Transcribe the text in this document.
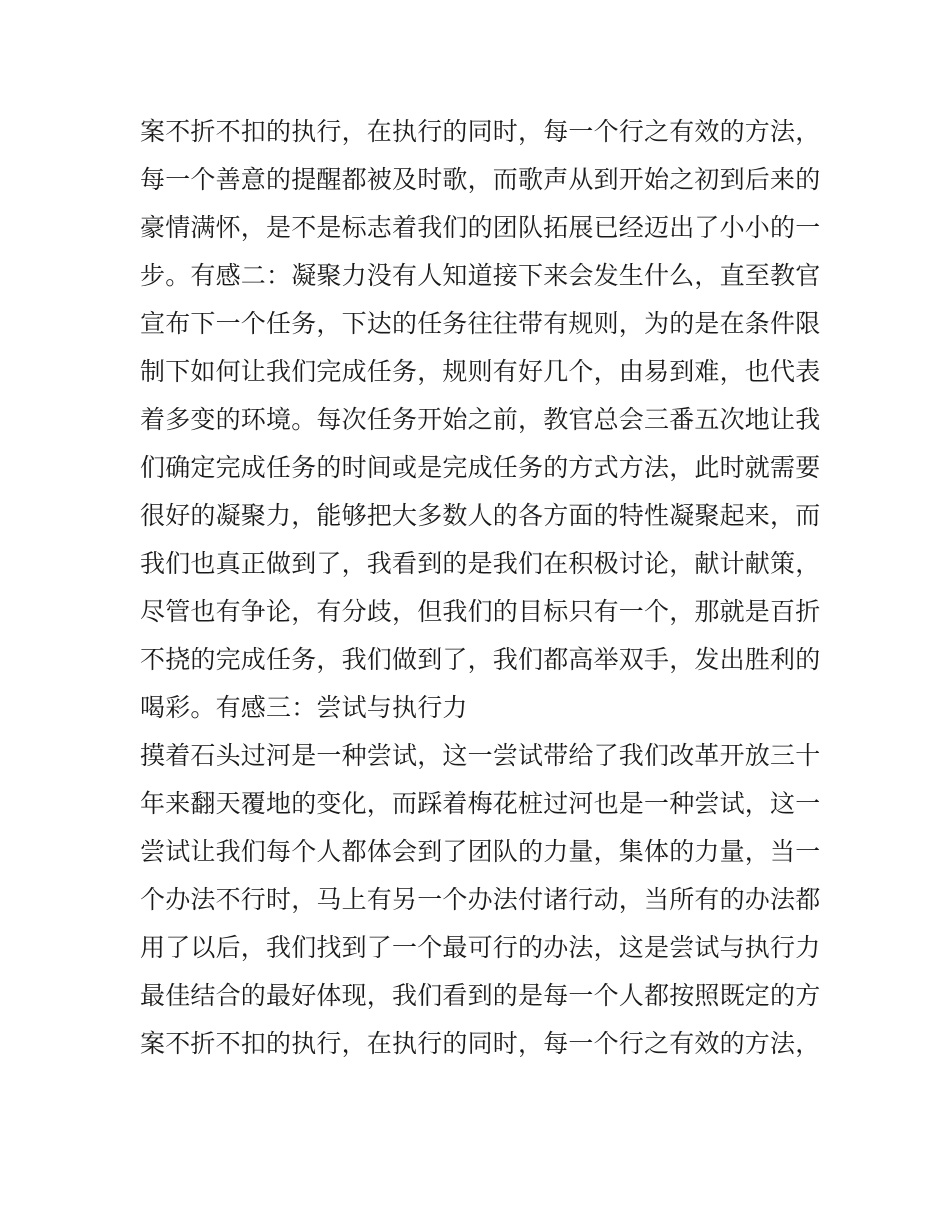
案不折不扣的执行，在执行的同时，每一个行之有效的方法，
每一个善意的提醒都被及时歌，而歌声从到开始之初到后来的
豪情满怀，是不是标志着我们的团队拓展已经迈出了小小的一
步。有感二：凝聚力没有人知道接下来会发生什么，直至教官
宣布下一个任务，下达的任务往往带有规则，为的是在条件限
制下如何让我们完成任务，规则有好几个，由易到难，也代表
着多变的环境。每次任务开始之前，教官总会三番五次地让我
们确定完成任务的时间或是完成任务的方式方法，此时就需要
很好的凝聚力，能够把大多数人的各方面的特性凝聚起来，而
我们也真正做到了，我看到的是我们在积极讨论，献计献策，
尽管也有争论，有分歧，但我们的目标只有一个，那就是百折
不挠的完成任务，我们做到了，我们都高举双手，发出胜利的
喝彩。有感三：尝试与执行力
摸着石头过河是一种尝试，这一尝试带给了我们改革开放三十
年来翻天覆地的变化，而踩着梅花桩过河也是一种尝试，这一
尝试让我们每个人都体会到了团队的力量，集体的力量，当一
个办法不行时，马上有另一个办法付诸行动，当所有的办法都
用了以后，我们找到了一个最可行的办法，这是尝试与执行力
最佳结合的最好体现，我们看到的是每一个人都按照既定的方
案不折不扣的执行，在执行的同时，每一个行之有效的方法，
